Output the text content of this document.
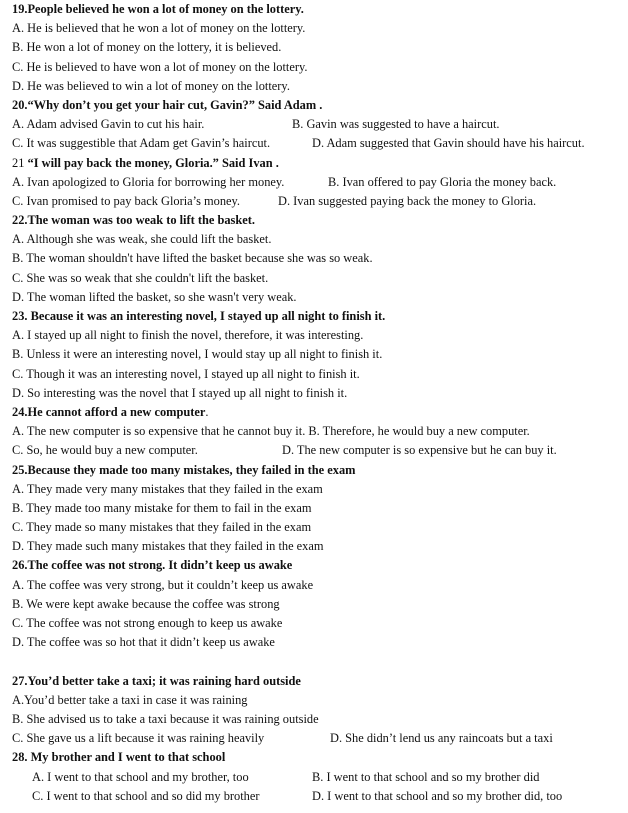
19.People believed he won a lot of money on the lottery.
A. He is believed that he won a lot of money on the lottery.
B. He won a lot of money on the lottery, it is believed.
C. He is believed to have won a lot of money on the lottery.
D. He was believed to win a lot of money on the lottery.
20.“Why don’t you get your hair cut, Gavin?” Said Adam .
A. Adam advised Gavin to cut his hair.	B. Gavin was suggested to have a haircut.
C. It was suggestible that Adam get Gavin’s haircut.	D. Adam suggested that Gavin should have his haircut.
21 “I will pay back the money, Gloria.” Said Ivan .
A. Ivan apologized to Gloria for borrowing her money.	B. Ivan offered to pay Gloria the money back.
C. Ivan promised to pay back Gloria’s money.	D. Ivan suggested paying back the money to Gloria.
22.The woman was too weak to lift the basket.
A. Although she was weak, she could lift the basket.
B. The woman shouldn't have lifted the basket because she was so weak.
C. She was so weak that she couldn't lift the basket.
D. The woman lifted the basket, so she wasn't very weak.
23. Because it was an interesting novel, I stayed up all night to finish it.
A. I stayed up all night to finish the novel, therefore, it was interesting.
B. Unless it were an interesting novel, I would stay up all night to finish it.
C. Though it was an interesting novel, I stayed up all night to finish it.
D. So interesting was the novel that I stayed up all night to finish it.
24.He cannot afford a new computer.
A. The new computer is so expensive that he cannot buy it. B. Therefore, he would buy a new computer.
C. So, he would buy a new computer.	D. The new computer is so expensive but he can buy it.
25.Because they made too many mistakes, they failed in the exam
A. They made very many mistakes that they failed in the exam
B. They made too many mistake for them to fail in the exam
C. They made so many mistakes that they failed in the exam
D. They made such many mistakes that they failed in the exam
26.The coffee was not strong. It didn’t keep us awake
A. The coffee was very strong, but it couldn’t keep us awake
B. We were kept awake because the coffee was strong
C. The coffee was not strong enough to keep us awake
D. The coffee was so hot that it didn’t keep us awake
27.You’d better take a taxi; it was raining hard outside
A.You’d better take a taxi in case it was raining
B. She advised us to take a taxi because it was raining outside
C. She gave us a lift because it was raining heavily	D. She didn’t lend us any raincoats but a taxi
28. My brother and I went to that school
A. I went to that school and my brother, too	B. I went to that school and so my brother did
C. I went to that school and so did my brother	D. I went to that school and so my brother did, too
